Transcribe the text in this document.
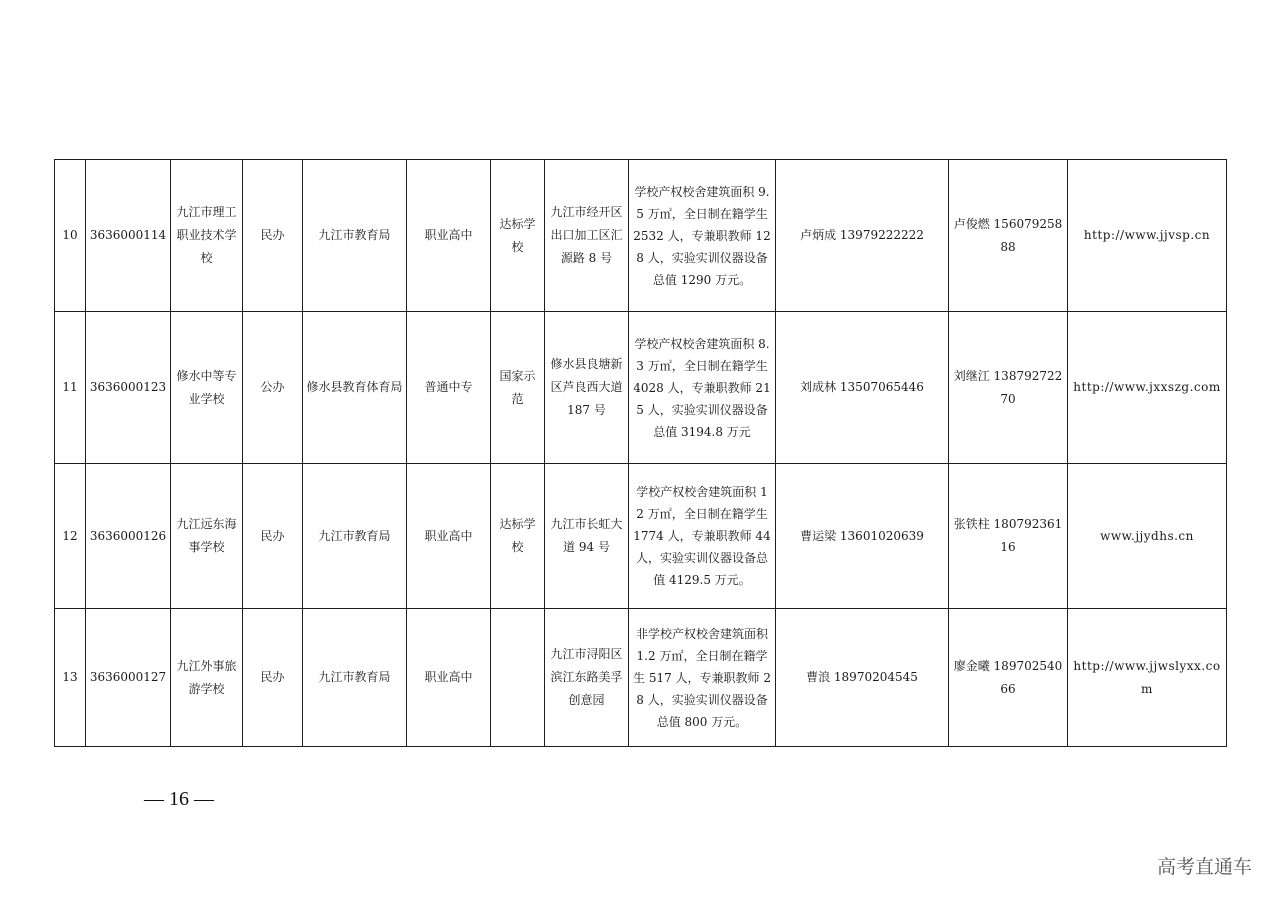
10	3636000114	九江市理工职业技术学校	民办	九江市教育局	职业高中	达标学校	九江市经开区出口加工区汇源路 8 号	学校产权校舍建筑面积 9.5 万㎡，全日制在籍学生 2532 人，专兼职教师 128 人，实验实训仪器设备总值 1290 万元。	卢炳成 13979222222	卢俊燃 15607925888	http://www.jjvsp.cn
11	3636000123	修水中等专业学校	公办	修水县教育体育局	普通中专	国家示范	修水县良塘新区芦良西大道 187 号	学校产权校舍建筑面积 8.3 万㎡，全日制在籍学生 4028 人，专兼职教师 215 人，实验实训仪器设备总值 3194.8 万元	刘成林 13507065446	刘继江 13879272270	http://www.jxxszg.com
12	3636000126	九江远东海事学校	民办	九江市教育局	职业高中	达标学校	九江市长虹大道 94 号	学校产权校舍建筑面积 12 万㎡，全日制在籍学生 1774 人，专兼职教师 44 人，实验实训仪器设备总值 4129.5 万元。	曹运梁 13601020639	张铁柱 18079236116	www.jjydhs.cn
13	3636000127	九江外事旅游学校	民办	九江市教育局	职业高中		九江市浔阳区滨江东路美孚创意园	非学校产权校舍建筑面积 1.2 万㎡，全日制在籍学生 517 人，专兼职教师 28 人，实验实训仪器设备总值 800 万元。	曹浪 18970204545	廖金曦 18970254066	http://www.jjwslyxx.com
— 16 —
高考直通车
